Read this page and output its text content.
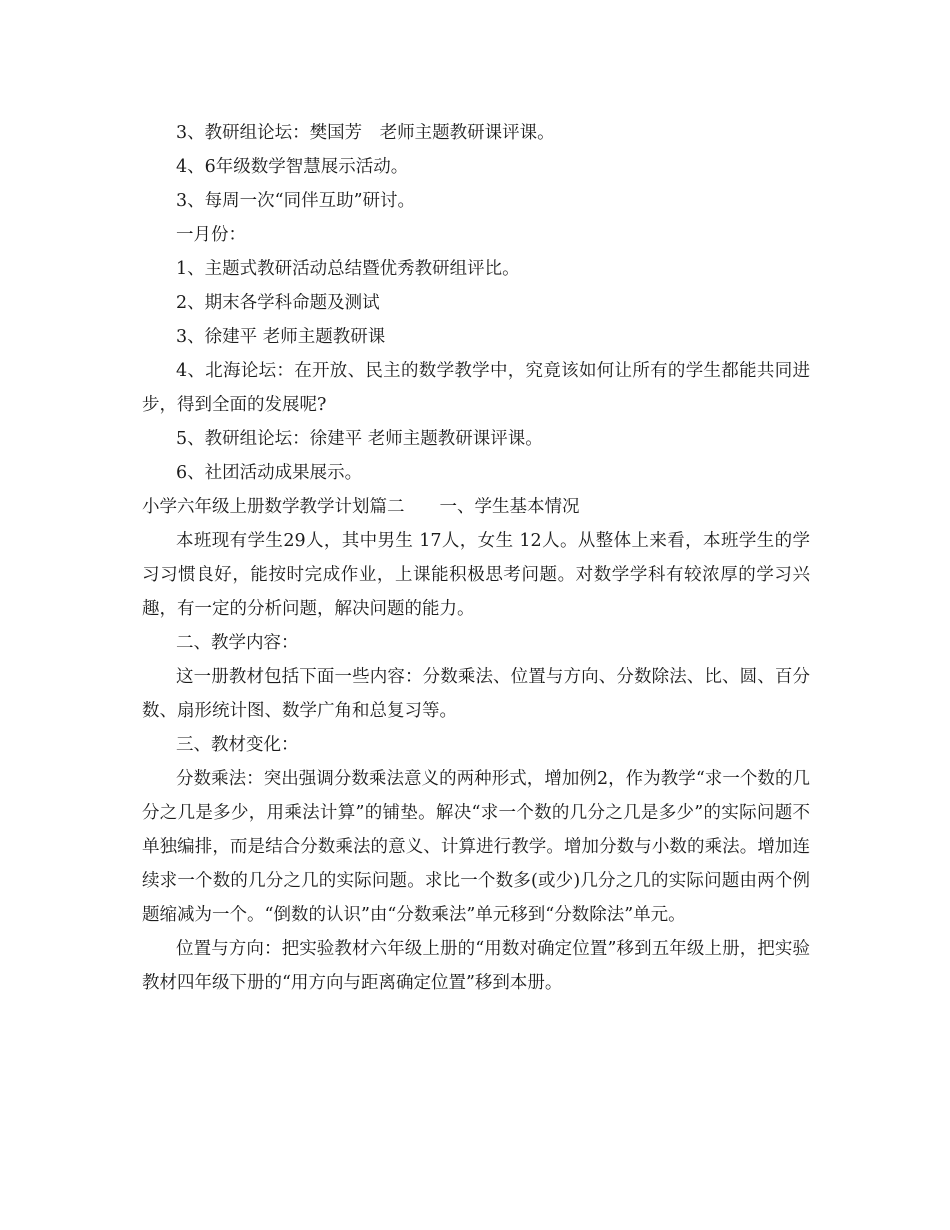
3、教研组论坛：樊国芳　老师主题教研课评课。

4、6年级数学智慧展示活动。

3、每周一次“同伴互助”研讨。

一月份：

1、主题式教研活动总结暨优秀教研组评比。

2、期末各学科命题及测试

3、徐建平 老师主题教研课

4、北海论坛：在开放、民主的数学教学中，究竟该如何让所有的学生都能共同进步，得到全面的发展呢?

5、教研组论坛：徐建平 老师主题教研课评课。

6、社团活动成果展示。

小学六年级上册数学教学计划篇二　　一、学生基本情况

本班现有学生29人，其中男生 17人，女生 12人。从整体上来看，本班学生的学习习惯良好，能按时完成作业，上课能积极思考问题。对数学学科有较浓厚的学习兴趣，有一定的分析问题，解决问题的能力。

二、教学内容：

这一册教材包括下面一些内容：分数乘法、位置与方向、分数除法、比、圆、百分数、扇形统计图、数学广角和总复习等。

三、教材变化：

分数乘法：突出强调分数乘法意义的两种形式，增加例2，作为教学“求一个数的几分之几是多少，用乘法计算”的铺垫。解决“求一个数的几分之几是多少”的实际问题不单独编排，而是结合分数乘法的意义、计算进行教学。增加分数与小数的乘法。增加连续求一个数的几分之几的实际问题。求比一个数多(或少)几分之几的实际问题由两个例题缩减为一个。“倒数的认识”由“分数乘法”单元移到“分数除法”单元。

位置与方向：把实验教材六年级上册的“用数对确定位置”移到五年级上册，把实验教材四年级下册的“用方向与距离确定位置”移到本册。
